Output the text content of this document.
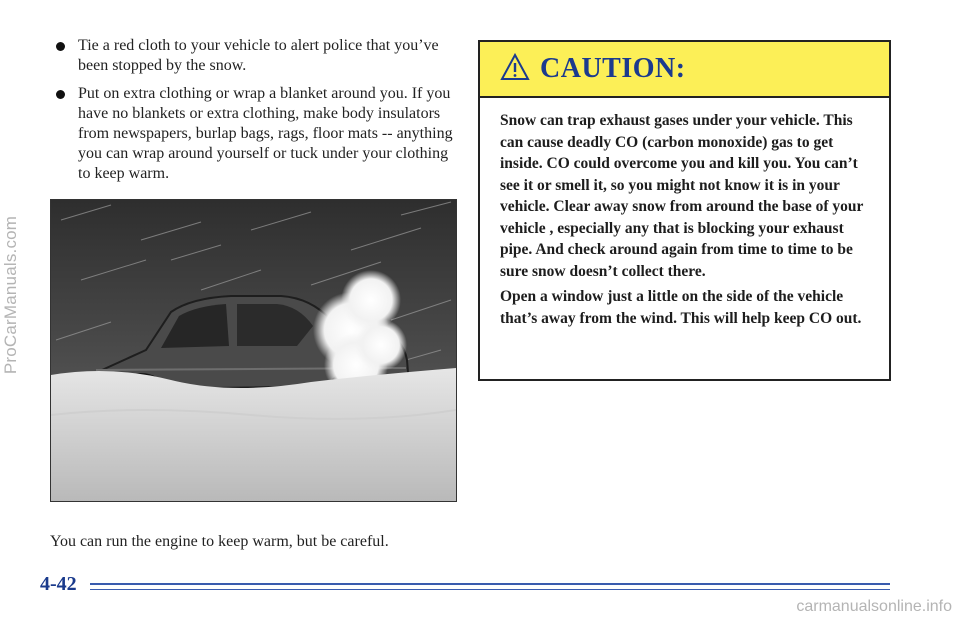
ProCarManuals.com
Tie a red cloth to your vehicle to alert police that you’ve been stopped by the snow.
Put on extra clothing or wrap a blanket around you. If you have no blankets or extra clothing, make body insulators from newspapers, burlap bags, rags, floor mats -- anything you can wrap around yourself or tuck under your clothing to keep warm.
You can run the engine to keep warm, but be careful.
4-42
CAUTION:

Snow can trap exhaust gases under your vehicle. This can cause deadly CO (carbon monoxide) gas to get inside. CO could overcome you and kill you. You can’t see it or smell it, so you might not know it is in your vehicle. Clear away snow from around the base of your vehicle , especially any that is blocking your exhaust pipe. And check around again from time to time to be sure snow doesn’t collect there.

Open a window just a little on the side of the vehicle that’s away from the wind. This will help keep CO out.

carmanualsonline.info
